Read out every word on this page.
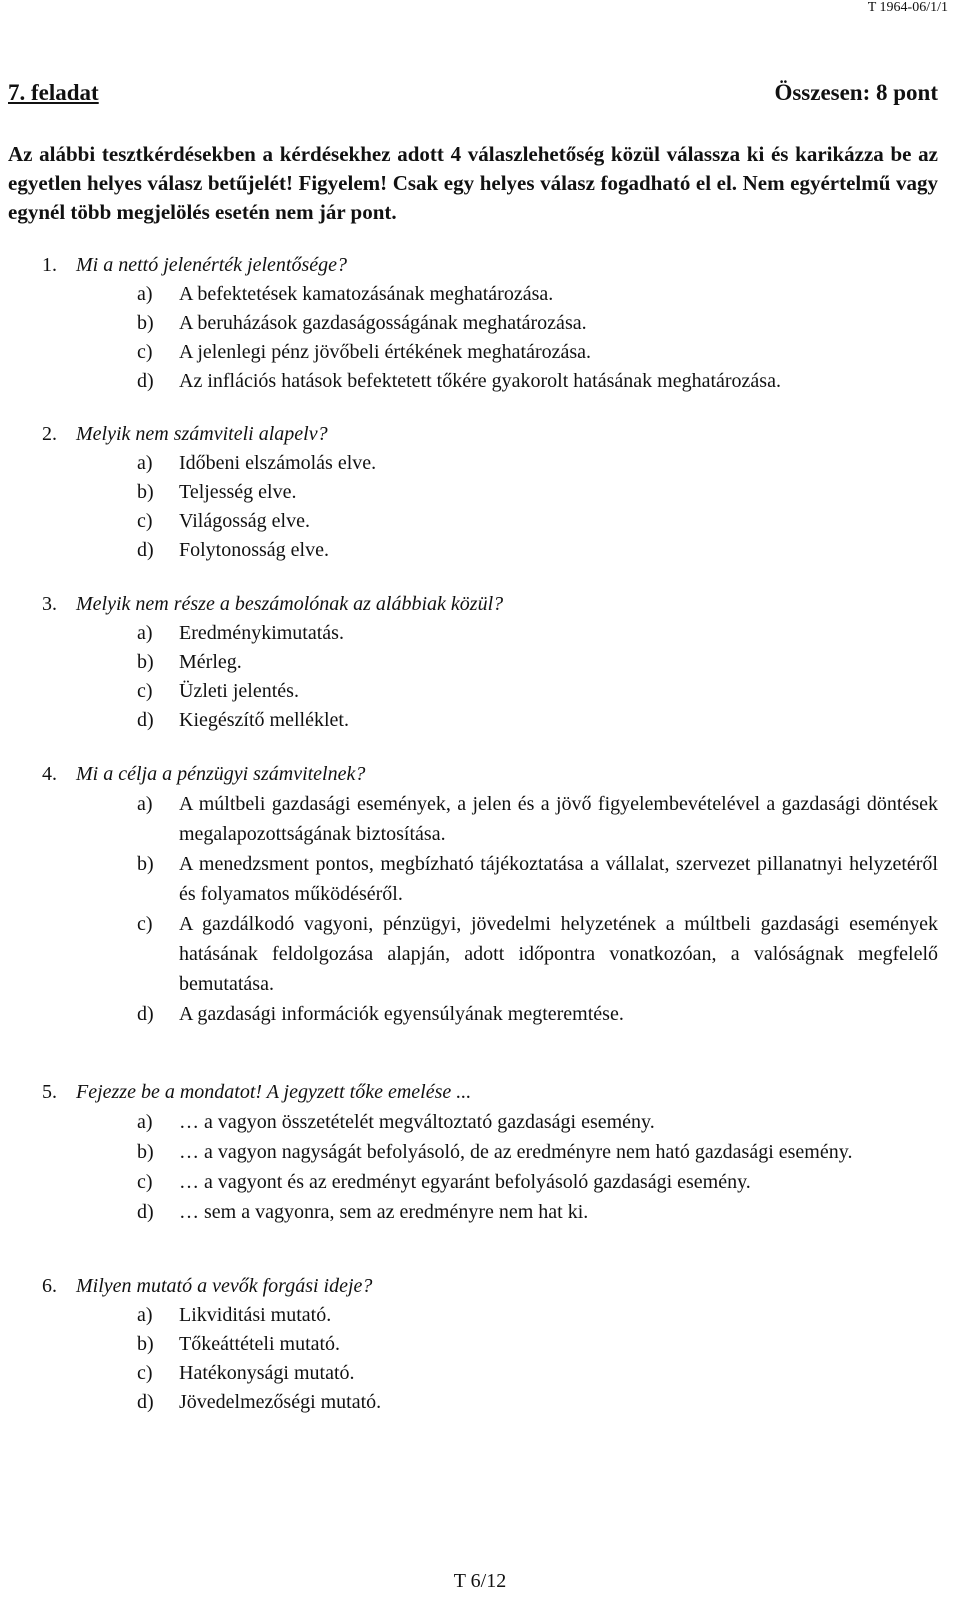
T 1964-06/1/1
7. feladat	Összesen: 8 pont
Az alábbi tesztkérdésekben a kérdésekhez adott 4 válaszlehetőség közül válassza ki és karikázza be az egyetlen helyes válasz betűjelét! Figyelem! Csak egy helyes válasz fogadható el el. Nem egyértelmű vagy egynél több megjelölés esetén nem jár pont.
1. Mi a nettó jelenérték jelentősége?
a)	A befektetések kamatozásának meghatározása.
b)	A beruházások gazdaságosságának meghatározása.
c)	A jelenlegi pénz jövőbeli értékének meghatározása.
d)	Az inflációs hatások befektetett tőkére gyakorolt hatásának meghatározása.
2. Melyik nem számviteli alapelv?
a)	Időbeni elszámolás elve.
b)	Teljesség elve.
c)	Világosság elve.
d)	Folytonosság elve.
3. Melyik nem része a beszámolónak az alábbiak közül?
a)	Eredménykimutatás.
b)	Mérleg.
c)	Üzleti jelentés.
d)	Kiegészítő melléklet.
4. Mi a célja a pénzügyi számvitelnek?
a)	A múltbeli gazdasági események, a jelen és a jövő figyelembevételével a gazdasági döntések megalapozottságának biztosítása.
b)	A menedzsment pontos, megbízható tájékoztatása a vállalat, szervezet pillanatnyi helyzetéről és folyamatos működéséről.
c)	A gazdálkodó vagyoni, pénzügyi, jövedelmi helyzetének a múltbeli gazdasági események hatásának feldolgozása alapján, adott időpontra vonatkozóan, a valóságnak megfelelő bemutatása.
d)	A gazdasági információk egyensúlyának megteremtése.
5. Fejezze be a mondatot! A jegyzett tőke emelése ...
a)	… a vagyon összetételét megváltoztató gazdasági esemény.
b)	… a vagyon nagyságát befolyásoló, de az eredményre nem ható gazdasági esemény.
c)	… a vagyont és az eredményt egyaránt befolyásoló gazdasági esemény.
d)	… sem a vagyonra, sem az eredményre nem hat ki.
6. Milyen mutató a vevők forgási ideje?
a)	Likviditási mutató.
b)	Tőkeáttételi mutató.
c)	Hatékonysági mutató.
d)	Jövedelmezőségi mutató.
T 6/12
